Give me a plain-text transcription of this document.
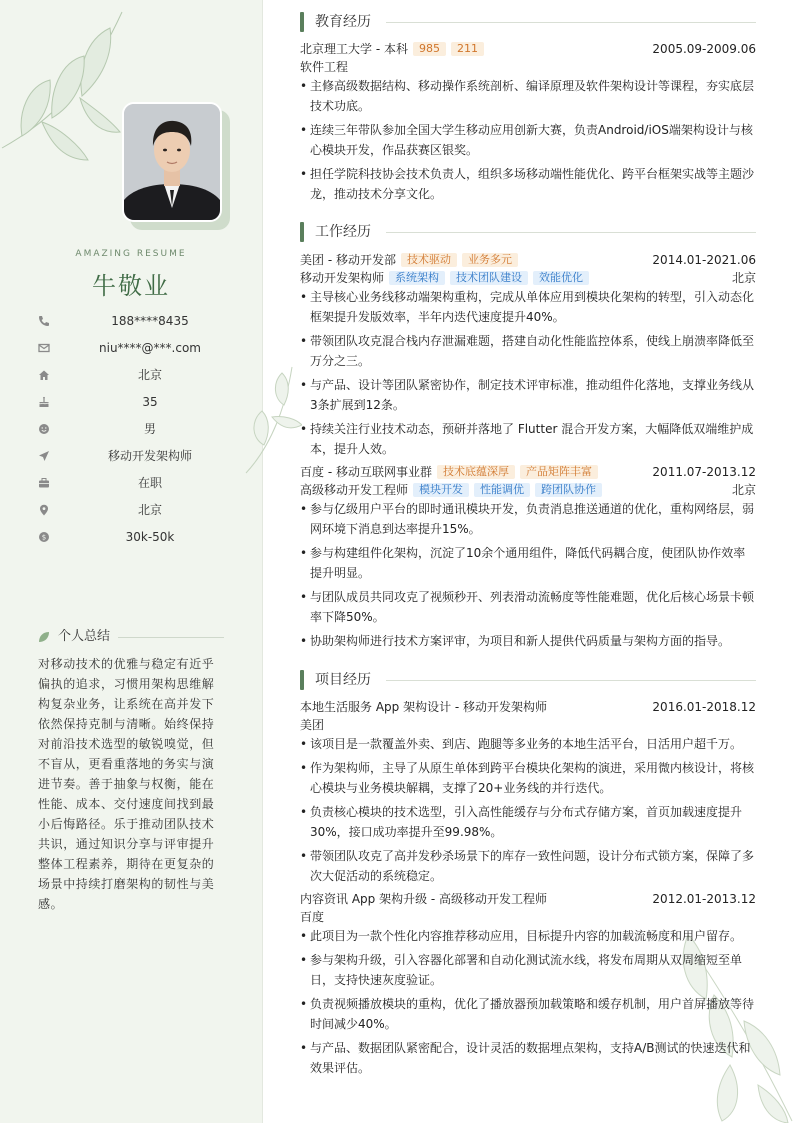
AMAZING RESUME
牛敬业
188****8435
niu****@***.com
北京
35
男
移动开发架构师
在职
北京
$	30k-50k
个人总结
对移动技术的优雅与稳定有近乎偏执的追求，习惯用架构思维解构复杂业务，让系统在高并发下依然保持克制与清晰。始终保持对前沿技术选型的敏锐嗅觉，但不盲从，更看重落地的务实与演进节奏。善于抽象与权衡，能在性能、成本、交付速度间找到最小后悔路径。乐于推动团队技术共识，通过知识分享与评审提升整体工程素养，期待在更复杂的场景中持续打磨架构的韧性与美感。
教育经历
北京理工大学 - 本科 985 211	2005.09-2009.06
软件工程
• 主修高级数据结构、移动操作系统剖析、编译原理及软件架构设计等课程，夯实底层技术功底。
• 连续三年带队参加全国大学生移动应用创新大赛，负责Android/iOS端架构设计与核心模块开发，作品获赛区银奖。
• 担任学院科技协会技术负责人，组织多场移动端性能优化、跨平台框架实战等主题沙龙，推动技术分享文化。
工作经历
美团 - 移动开发部 技术驱动 业务多元	2014.01-2021.06
移动开发架构师 系统架构 技术团队建设 效能优化	北京
• 主导核心业务线移动端架构重构，完成从单体应用到模块化架构的转型，引入动态化框架提升发版效率，半年内迭代速度提升40%。
• 带领团队攻克混合栈内存泄漏难题，搭建自动化性能监控体系，使线上崩溃率降低至万分之三。
• 与产品、设计等团队紧密协作，制定技术评审标准，推动组件化落地，支撑业务线从3条扩展到12条。
• 持续关注行业技术动态，预研并落地了 Flutter 混合开发方案，大幅降低双端维护成本，提升人效。
百度 - 移动互联网事业群 技术底蕴深厚 产品矩阵丰富	2011.07-2013.12
高级移动开发工程师 模块开发 性能调优 跨团队协作	北京
• 参与亿级用户平台的即时通讯模块开发，负责消息推送通道的优化，重构网络层，弱网环境下消息到达率提升15%。
• 参与构建组件化架构，沉淀了10余个通用组件，降低代码耦合度，使团队协作效率提升明显。
• 与团队成员共同攻克了视频秒开、列表滑动流畅度等性能难题，优化后核心场景卡顿率下降50%。
• 协助架构师进行技术方案评审，为项目和新人提供代码质量与架构方面的指导。
项目经历
本地生活服务 App 架构设计 - 移动开发架构师	2016.01-2018.12
美团
• 该项目是一款覆盖外卖、到店、跑腿等多业务的本地生活平台，日活用户超千万。
• 作为架构师，主导了从原生单体到跨平台模块化架构的演进，采用微内核设计，将核心模块与业务模块解耦，支撑了20+业务线的并行迭代。
• 负责核心模块的技术选型，引入高性能缓存与分布式存储方案，首页加载速度提升30%，接口成功率提升至99.98%。
• 带领团队攻克了高并发秒杀场景下的库存一致性问题，设计分布式锁方案，保障了多次大促活动的系统稳定。
内容资讯 App 架构升级 - 高级移动开发工程师	2012.01-2013.12
百度
• 此项目为一款个性化内容推荐移动应用，目标提升内容的加载流畅度和用户留存。
• 参与架构升级，引入容器化部署和自动化测试流水线，将发布周期从双周缩短至单日，支持快速灰度验证。
• 负责视频播放模块的重构，优化了播放器预加载策略和缓存机制，用户首屏播放等待时间减少40%。
• 与产品、数据团队紧密配合，设计灵活的数据埋点架构，支持A/B测试的快速迭代和效果评估。
